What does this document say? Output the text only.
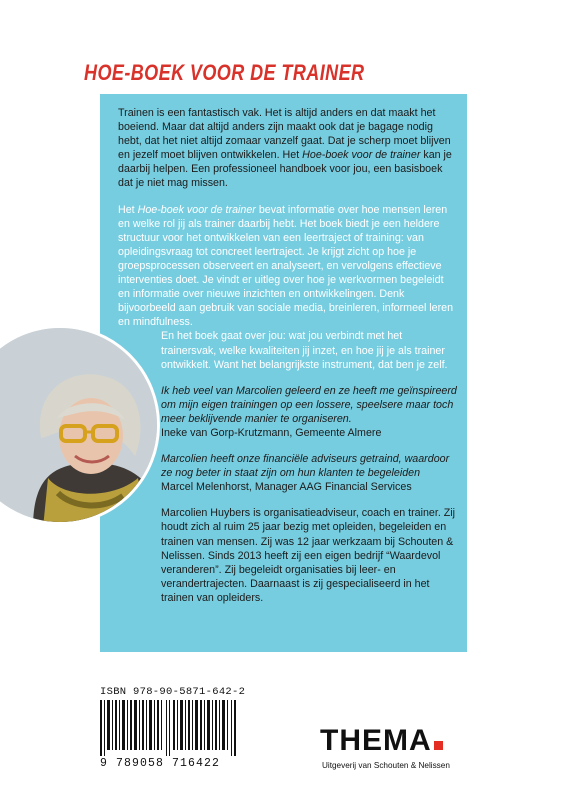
HOE-BOEK VOOR DE TRAINER

Trainen is een fantastisch vak. Het is altijd anders en dat maakt het boeiend. Maar dat altijd anders zijn maakt ook dat je bagage nodig hebt, dat het niet altijd zomaar vanzelf gaat. Dat je scherp moet blijven en jezelf moet blijven ontwikkelen. Het Hoe-boek voor de trainer kan je daarbij helpen. Een professioneel handboek voor jou, een basisboek dat je niet mag missen.

Het Hoe-boek voor de trainer bevat informatie over hoe mensen leren en welke rol jij als trainer daarbij hebt. Het boek biedt je een heldere structuur voor het ontwikkelen van een leertraject of training: van opleidingsvraag tot concreet leertraject. Je krijgt zicht op hoe je groepsprocessen observeert en analyseert, en vervolgens effectieve interventies doet. Je vindt er uitleg over hoe je werkvormen begeleidt en informatie over nieuwe inzichten en ontwikkelingen. Denk bijvoorbeeld aan gebruik van sociale media, breinleren, informeel leren en mindfulness.

En het boek gaat over jou: wat jou verbindt met het trainersvak, welke kwaliteiten jij inzet, en hoe jij je als trainer ontwikkelt. Want het belangrijkste instrument, dat ben je zelf.

Ik heb veel van Marcolien geleerd en ze heeft me geïnspireerd om mijn eigen trainingen op een lossere, speelsere maar toch meer beklijvende manier te organiseren.

Ineke van Gorp-Krutzmann, Gemeente Almere

Marcolien heeft onze financiële adviseurs getraind, waardoor ze nog beter in staat zijn om hun klanten te begeleiden

Marcel Melenhorst, Manager AAG Financial Services

Marcolien Huybers is organisatieadviseur, coach en trainer. Zij houdt zich al ruim 25 jaar bezig met opleiden, begeleiden en trainen van mensen. Zij was 12 jaar werkzaam bij Schouten & Nelissen. Sinds 2013 heeft zij een eigen bedrijf “Waardevol veranderen”. Zij begeleidt organisaties bij leer- en verandertrajecten. Daarnaast is zij gespecialiseerd in het trainen van opleiders.

ISBN 978-90-5871-642-2
9 789058 716422
THEMA
Uitgeverij van Schouten & Nelissen
